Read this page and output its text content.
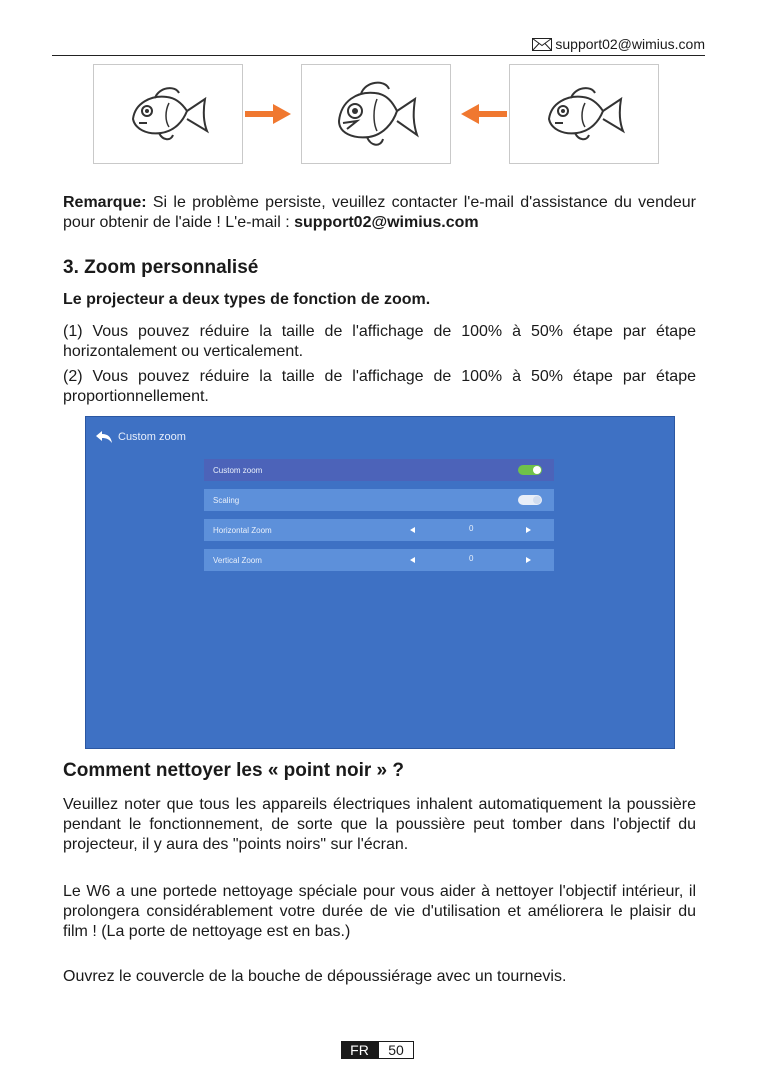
support02@wimius.com
Remarque: Si le problème persiste, veuillez contacter l'e-mail d'assistance du vendeur pour obtenir de l'aide ! L'e-mail : support02@wimius.com
3. Zoom personnalisé
Le projecteur a deux types de fonction de zoom.
(1) Vous pouvez réduire la taille de l'affichage de 100% à 50% étape par étape horizontalement ou verticalement.
(2) Vous pouvez réduire la taille de l'affichage de 100% à 50% étape par étape proportionnellement.
Custom zoom
Custom zoom
Scaling
Horizontal Zoom	0
Vertical Zoom	0
Comment nettoyer les « point noir » ?
Veuillez noter que tous les appareils électriques inhalent automatiquement la poussière pendant le fonctionnement, de sorte que la poussière peut tomber dans l'objectif du projecteur, il y aura des "points noirs" sur l'écran.
Le W6 a une portede nettoyage spéciale pour vous aider à nettoyer l'objectif intérieur, il prolongera considérablement votre durée de vie d'utilisation et améliorera le plaisir du film ! (La porte de nettoyage est en bas.)
Ouvrez le couvercle de la bouche de dépoussiérage avec un tournevis.
FR	50
